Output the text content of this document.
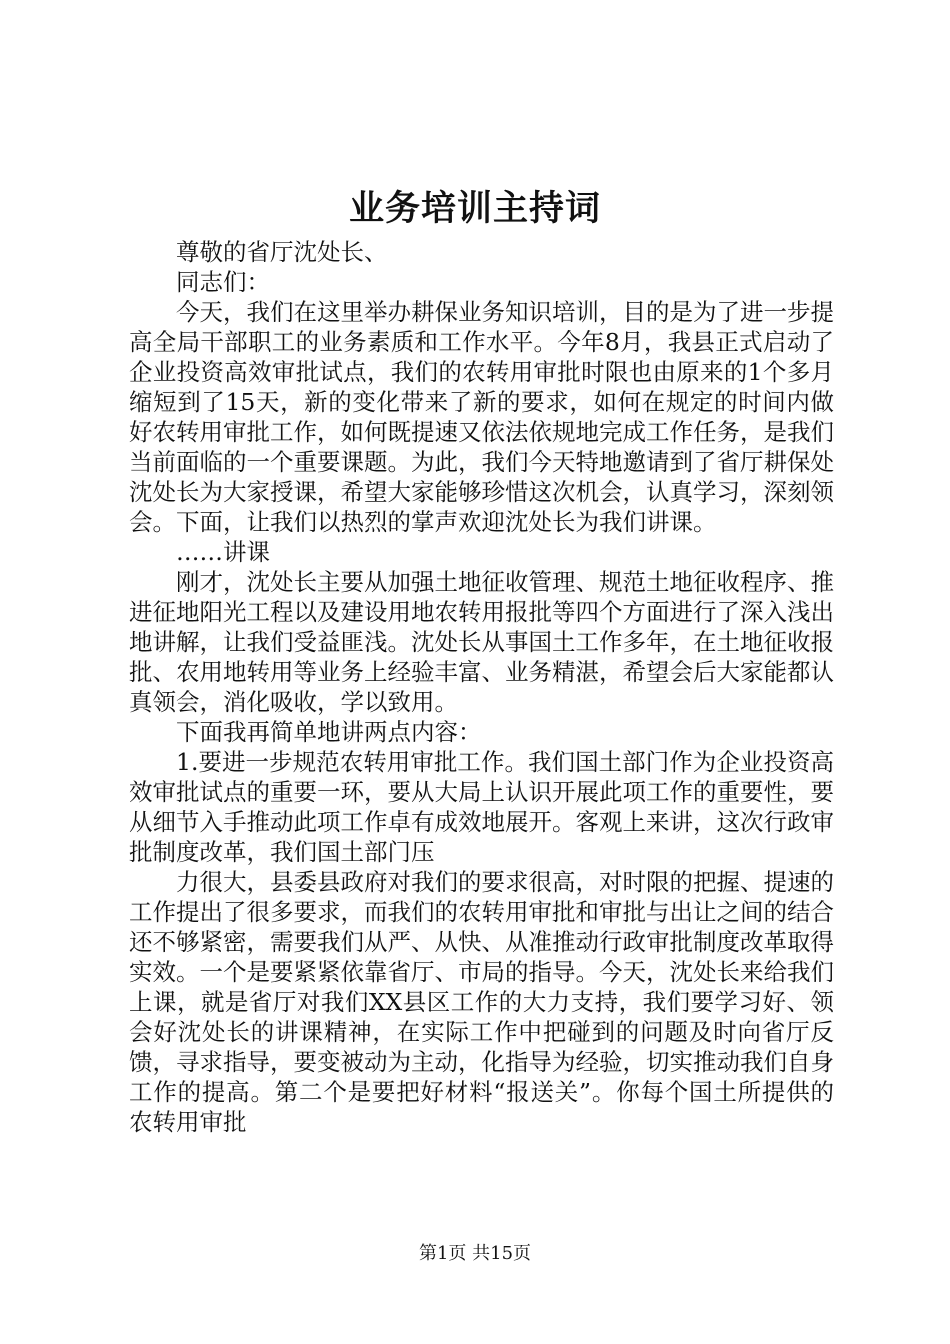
业务培训主持词

尊敬的省厅沈处长、

同志们：

今天，我们在这里举办耕保业务知识培训，目的是为了进一步提高全局干部职工的业务素质和工作水平。今年8月，我县正式启动了企业投资高效审批试点，我们的农转用审批时限也由原来的1个多月缩短到了15天，新的变化带来了新的要求，如何在规定的时间内做好农转用审批工作，如何既提速又依法依规地完成工作任务，是我们当前面临的一个重要课题。为此，我们今天特地邀请到了省厅耕保处沈处长为大家授课，希望大家能够珍惜这次机会，认真学习，深刻领会。下面，让我们以热烈的掌声欢迎沈处长为我们讲课。

……讲课

刚才，沈处长主要从加强土地征收管理、规范土地征收程序、推进征地阳光工程以及建设用地农转用报批等四个方面进行了深入浅出地讲解，让我们受益匪浅。沈处长从事国土工作多年，在土地征收报批、农用地转用等业务上经验丰富、业务精湛，希望会后大家能都认真领会，消化吸收，学以致用。

下面我再简单地讲两点内容：

1.要进一步规范农转用审批工作。我们国土部门作为企业投资高效审批试点的重要一环，要从大局上认识开展此项工作的重要性，要从细节入手推动此项工作卓有成效地展开。客观上来讲，这次行政审批制度改革，我们国土部门压

力很大，县委县政府对我们的要求很高，对时限的把握、提速的工作提出了很多要求，而我们的农转用审批和审批与出让之间的结合还不够紧密，需要我们从严、从快、从准推动行政审批制度改革取得实效。一个是要紧紧依靠省厅、市局的指导。今天，沈处长来给我们上课，就是省厅对我们XX县区工作的大力支持，我们要学习好、领会好沈处长的讲课精神，在实际工作中把碰到的问题及时向省厅反馈，寻求指导，要变被动为主动，化指导为经验，切实推动我们自身工作的提高。第二个是要把好材料“报送关”。你每个国土所提供的农转用审批

第1页 共15页
